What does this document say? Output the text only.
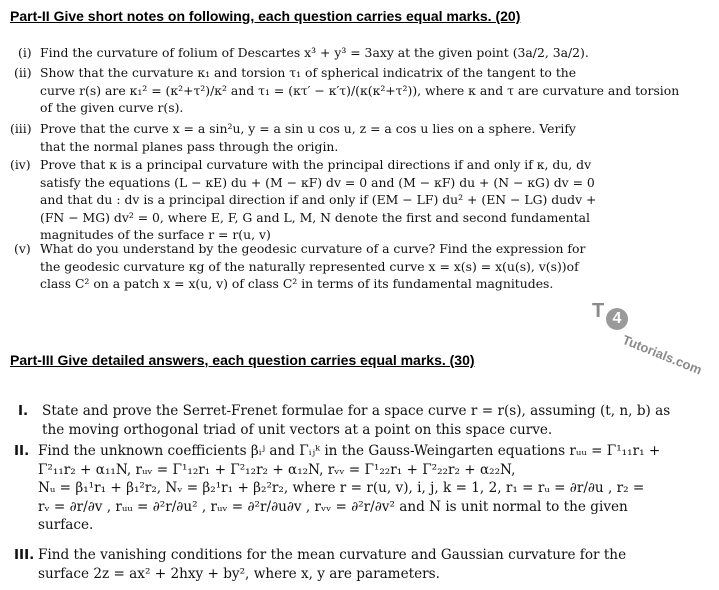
Part-II Give short notes on following, each question carries equal marks. (20)
(i) Find the curvature of folium of Descartes x³ + y³ = 3axy at the given point (3a/2, 3a/2).
(ii) Show that the curvature κ₁ and torsion τ₁ of spherical indicatrix of the tangent to the
curve r(s) are κ₁² = (κ²+τ²)/κ² and τ₁ = (κτ′ − κ′τ)/(κ(κ²+τ²)), where κ and τ are curvature and torsion
of the given curve r(s).
(iii) Prove that the curve x = a sin²u, y = a sin u cos u, z = a cos u lies on a sphere. Verify
that the normal planes pass through the origin.
(iv) Prove that κ is a principal curvature with the principal directions if and only if κ, du, dv
satisfy the equations (L − κE) du + (M − κF) dv = 0 and (M − κF) du + (N − κG) dv = 0
and that du : dv is a principal direction if and only if (EM − LF) du² + (EN − LG) dudv +
(FN − MG) dv² = 0, where E, F, G and L, M, N denote the first and second fundamental
magnitudes of the surface r = r(u, v)
(v) What do you understand by the geodesic curvature of a curve? Find the expression for
the geodesic curvature κg of the naturally represented curve x = x(s) = x(u(s), v(s))of
class C² on a patch x = x(u, v) of class C² in terms of its fundamental magnitudes.
T 4
Tutorials.com
Part-III Give detailed answers, each question carries equal marks. (30)
I. State and prove the Serret-Frenet formulae for a space curve r = r(s), assuming (t, n, b) as
the moving orthogonal triad of unit vectors at a point on this space curve.
II. Find the unknown coefficients βᵢʲ and Γᵢⱼᵏ in the Gauss-Weingarten equations rᵤᵤ = Γ¹₁₁r₁ +
Γ²₁₁r₂ + α₁₁N, rᵤᵥ = Γ¹₁₂r₁ + Γ²₁₂r₂ + α₁₂N, rᵥᵥ = Γ¹₂₂r₁ + Γ²₂₂r₂ + α₂₂N,
Nᵤ = β₁¹r₁ + β₁²r₂, Nᵥ = β₂¹r₁ + β₂²r₂, where r = r(u, v), i, j, k = 1, 2, r₁ = rᵤ = ∂r/∂u , r₂ =
rᵥ = ∂r/∂v , rᵤᵤ = ∂²r/∂u² , rᵤᵥ = ∂²r/∂u∂v , rᵥᵥ = ∂²r/∂v² and N is unit normal to the given
surface.
III. Find the vanishing conditions for the mean curvature and Gaussian curvature for the
surface 2z = ax² + 2hxy + by², where x, y are parameters.
